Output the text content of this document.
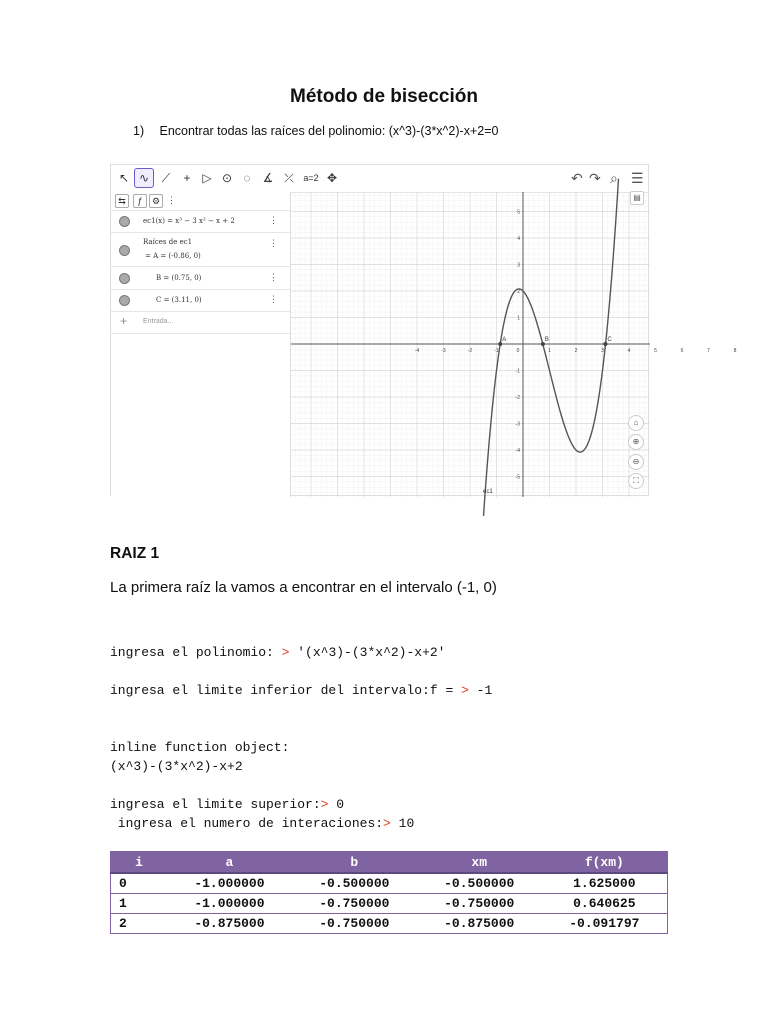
Método de bisección
1) Encontrar todas las raíces del polinomio: (x^3)-(3*x^2)-x+2=0
↖ ∿	⟋	+ ▷ ⊙ ◌	∡ ⤫	a=2 ✥	↶ ↷ ⌕ ☰
⇆	ƒ	⚙ ⋮
ec1(x) = x³ − 3 x² − x + 2	⋮
Raíces de ec1
= A = (-0.86, 0)
⋮
B = (0.75, 0)	⋮
C = (3.11, 0)	⋮
+ Entrada...
-4	-3	-2	-1	0	1	2	3	4	5	6	7	8
5
4
3
2
1
-1
-2
-3
-4
-5
ec1
A	B	C
▤
⌂
⊕
⊖
⛶
RAIZ 1
La primera raíz la vamos a encontrar en el intervalo (-1, 0)
ingresa el polinomio: > '(x^3)-(3*x^2)-x+2'
ingresa el limite inferior del intervalo:f = > -1
inline function object:
(x^3)-(3*x^2)-x+2
ingresa el limite superior:> 0
ingresa el numero de interaciones:> 10
i	a	b	xm	f(xm)
0	-1.000000	-0.500000	-0.500000	1.625000
1	-1.000000	-0.750000	-0.750000	0.640625
2	-0.875000	-0.750000	-0.875000	-0.091797
